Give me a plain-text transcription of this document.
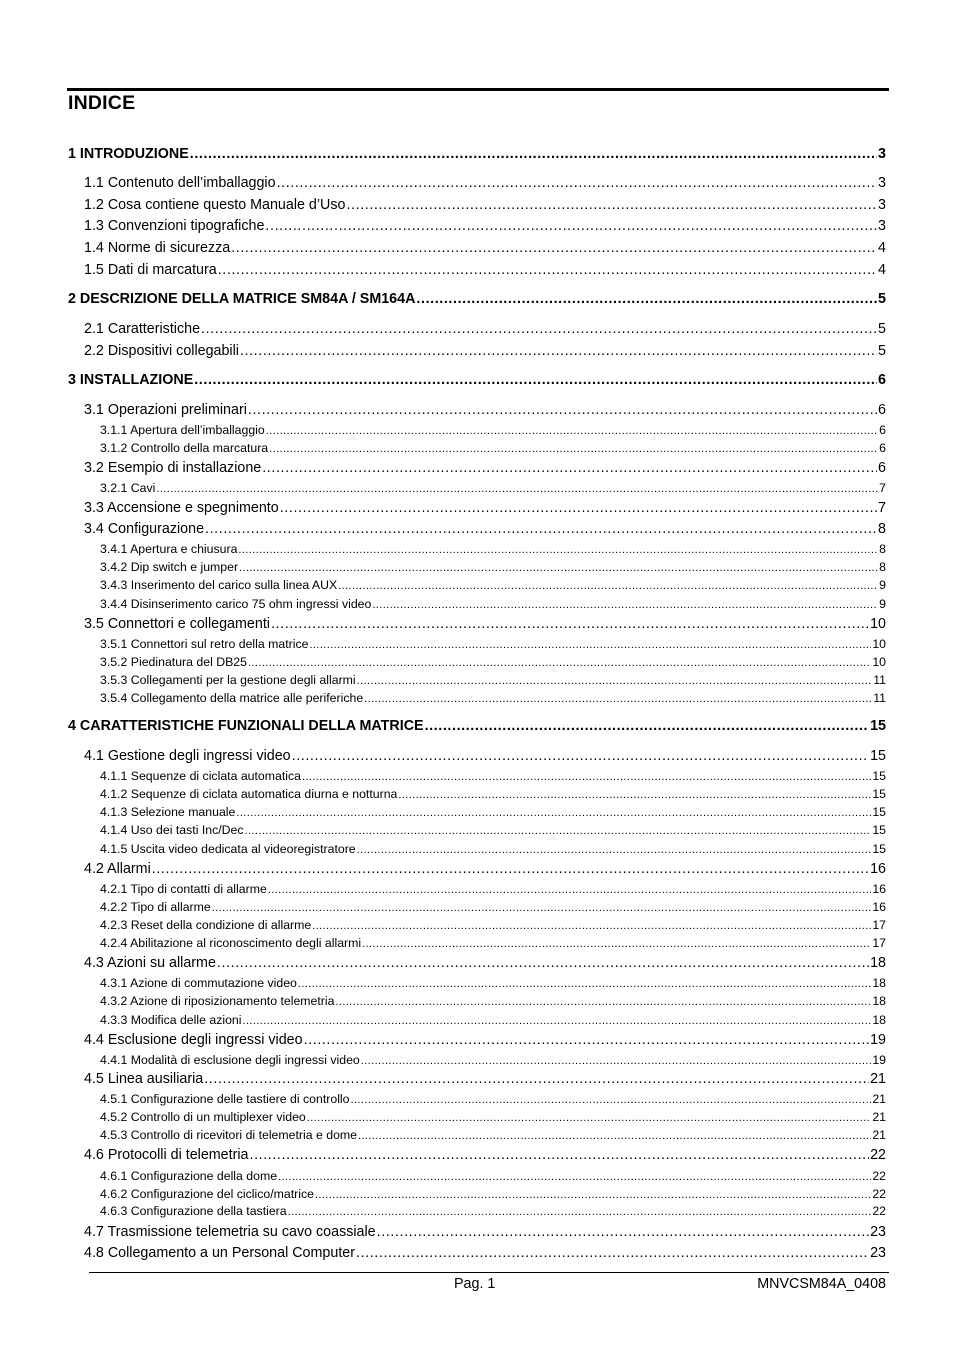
INDICE
1 INTRODUZIONE .....	3
1.1 Contenuto dell’imballaggio .....	3
1.2 Cosa contiene questo Manuale d’Uso .....	3
1.3 Convenzioni tipografiche .....	3
1.4 Norme di sicurezza .....	4
1.5 Dati di marcatura .....	4
2 DESCRIZIONE DELLA MATRICE SM84A / SM164A .....	5
2.1 Caratteristiche .....	5
2.2 Dispositivi collegabili .....	5
3 INSTALLAZIONE .....	6
3.1 Operazioni preliminari .....	6
3.1.1 Apertura dell’imballaggio .....	6
3.1.2 Controllo della marcatura .....	6
3.2 Esempio di installazione .....	6
3.2.1 Cavi .....	7
3.3 Accensione e spegnimento .....	7
3.4 Configurazione .....	8
3.4.1 Apertura e chiusura .....	8
3.4.2 Dip switch e jumper .....	8
3.4.3 Inserimento del carico sulla linea AUX .....	9
3.4.4 Disinserimento carico 75 ohm ingressi video .....	9
3.5 Connettori e collegamenti .....	10
3.5.1 Connettori sul retro della matrice .....	10
3.5.2 Piedinatura del DB25 .....	10
3.5.3 Collegamenti per la gestione degli allarmi .....	11
3.5.4 Collegamento della matrice alle periferiche .....	11
4 CARATTERISTICHE FUNZIONALI DELLA MATRICE .....	15
4.1 Gestione degli ingressi video .....	15
4.1.1 Sequenze di ciclata automatica .....	15
4.1.2 Sequenze di ciclata automatica diurna e notturna .....	15
4.1.3 Selezione manuale .....	15
4.1.4 Uso dei tasti Inc/Dec .....	15
4.1.5 Uscita video dedicata al videoregistratore .....	15
4.2 Allarmi .....	16
4.2.1 Tipo di contatti di allarme .....	16
4.2.2 Tipo di allarme .....	16
4.2.3 Reset della condizione di allarme .....	17
4.2.4 Abilitazione al riconoscimento degli allarmi .....	17
4.3 Azioni su allarme .....	18
4.3.1 Azione di commutazione video .....	18
4.3.2 Azione di riposizionamento telemetria .....	18
4.3.3 Modifica delle azioni .....	18
4.4 Esclusione degli ingressi video .....	19
4.4.1 Modalità di esclusione degli ingressi video .....	19
4.5 Linea ausiliaria .....	21
4.5.1 Configurazione delle tastiere di controllo .....	21
4.5.2 Controllo di un multiplexer video .....	21
4.5.3 Controllo di ricevitori di telemetria e dome .....	21
4.6 Protocolli di telemetria .....	22
4.6.1 Configurazione della dome .....	22
4.6.2 Configurazione del ciclico/matrice .....	22
4.6.3 Configurazione della tastiera .....	22
4.7 Trasmissione telemetria su cavo coassiale .....	23
4.8 Collegamento a un Personal Computer .....	23
Pag. 1	MNVCSM84A_0408
